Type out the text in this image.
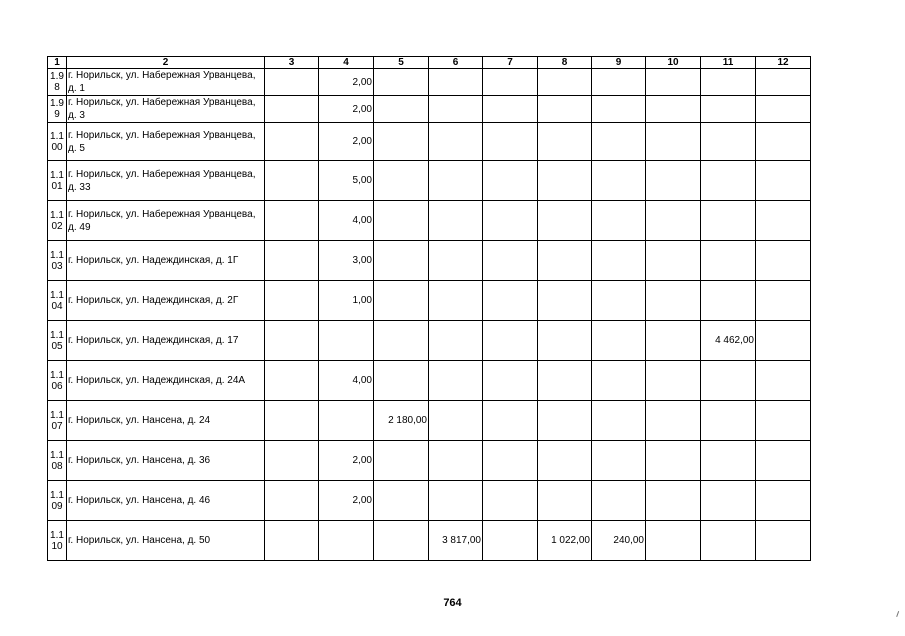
1	2	3	4	5	6	7	8	9	10	11	12
1.9 8	г. Норильск, ул. Набережная Урванцева, д. 1		2,00								
1.9 9	г. Норильск, ул. Набережная Урванцева, д. 3		2,00								
1.1 00	г. Норильск, ул. Набережная Урванцева, д. 5		2,00								
1.1 01	г. Норильск, ул. Набережная Урванцева, д. 33		5,00								
1.1 02	г. Норильск, ул. Набережная Урванцева, д. 49		4,00								
1.1 03	г. Норильск, ул. Надеждинская, д. 1Г		3,00								
1.1 04	г. Норильск, ул. Надеждинская, д. 2Г		1,00								
1.1 05	г. Норильск, ул. Надеждинская, д. 17									4 462,00	
1.1 06	г. Норильск, ул. Надеждинская, д. 24А		4,00								
1.1 07	г. Норильск, ул. Нансена, д. 24			2 180,00							
1.1 08	г. Норильск, ул. Нансена, д. 36		2,00								
1.1 09	г. Норильск, ул. Нансена, д. 46		2,00								
1.1 10	г. Норильск, ул. Нансена, д. 50				3 817,00		1 022,00	240,00			
764
